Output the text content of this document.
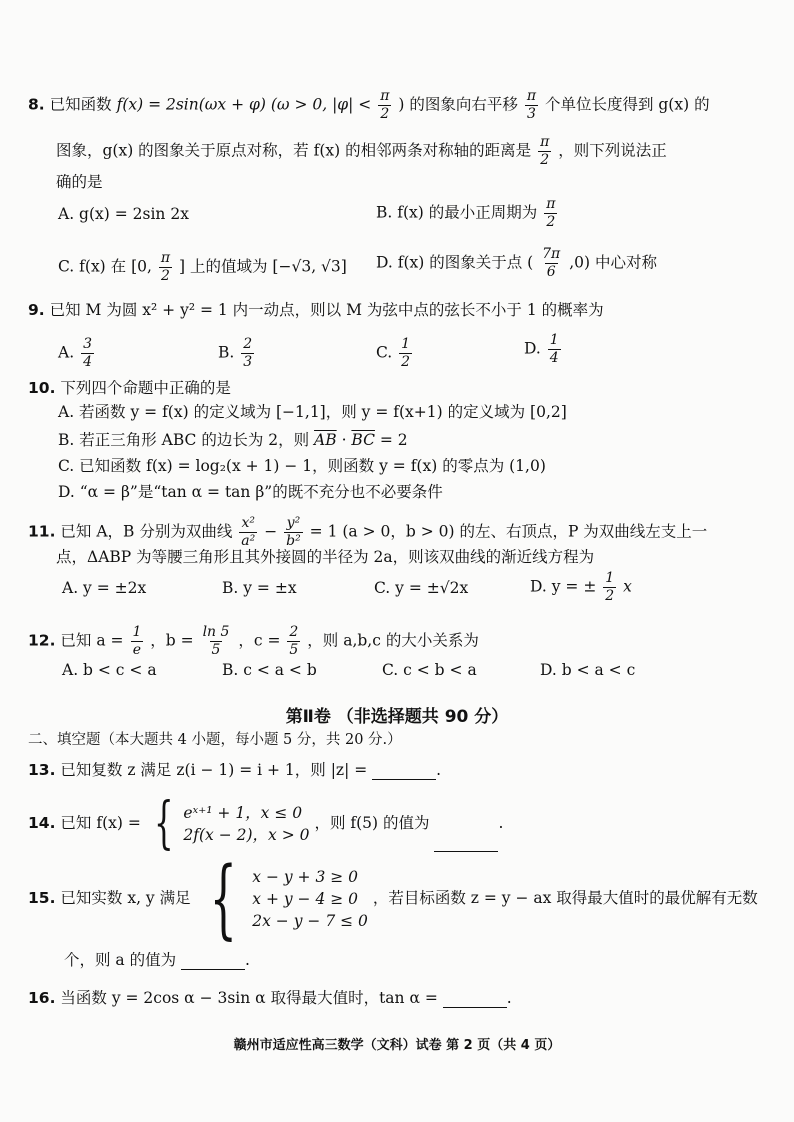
8. 已知函数 f(x) = 2sin(ωx + φ) (ω > 0, $|\varphi| < \frac{\pi}{2}$ ) 的图象向右平移 $\frac{\pi}{3}$ 个单位长度得到 g(x) 的
图象，g(x) 的图象关于原点对称，若 f(x) 的相邻两条对称轴的距离是 $\frac{\pi}{2}$ ，则下列说法正
确的是
A. g(x) = 2sin 2x	B. f(x) 的最小正周期为 $\frac{\pi}{2}$
C. f(x) 在 [0, $\frac{\pi}{2}$ ] 上的值域为 [−√3, √3] D. f(x) 的图象关于点 ( $\frac{7\pi}{6} ,0$) 中心对称
9. 已知 M 为圆 x² + y² = 1 内一动点，则以 M 为弦中点的弦长不小于 1 的概率为
A. $\frac{3}{4}$	B. $\frac{2}{3}$	C. $\frac{1}{2}$	D. $\frac{1}{4}$
10. 下列四个命题中正确的是
A. 若函数 y = f(x) 的定义域为 [−1,1]，则 y = f(x+1) 的定义域为 [0,2]
B. 若正三角形 ABC 的边长为 2，则 $\overline{AB} \cdot \overline{BC} = 2$
C. 已知函数 f(x) = log₂(x + 1) − 1，则函数 y = f(x) 的零点为 (1,0)
D. “α = β”是“tan α = tan β”的既不充分也不必要条件
11. 已知 A，B 分别为双曲线 $\frac{\text{x²}}{\text{a²}} - \frac{\text{y²}}{\text{b²}} = 1$ (a > 0，b > 0) 的左、右顶点，P 为双曲线左支上一
点，ΔABP 为等腰三角形且其外接圆的半径为 2a，则该双曲线的渐近线方程为
A. y = ±2x	B. y = ±x	C. y = ±√2x	D. y = ± $\frac{1}{2}$ x
12. 已知 $a = \frac{1}{e}$ ，$b = \frac{\ln 5}{5}$ ，$c = \frac{2}{5}$ ，则 a,b,c 的大小关系为
A. b < c < a	B. c < a < b	C. c < b < a	D. b < a < c
第Ⅱ卷 （非选择题共 90 分）
二、填空题（本大题共 4 小题，每小题 5 分，共 20 分.）
13. 已知复数 z 满足 z(i − 1) = i + 1，则 |z| =	.
14. 已知 f(x) = { eˣ⁺¹ + 1，x ≤ 0
2f(x − 2)，x > 0
，则 f(5) 的值为	.
15. 已知实数 x, y 满足 { x − y + 3 ≥ 0
x + y − 4 ≥ 0
2x − y − 7 ≤ 0
，若目标函数 z = y − ax 取得最大值时的最优解有无数
个，则 a 的值为	.
16. 当函数 y = 2cos α − 3sin α 取得最大值时，tan α =	.
赣州市适应性高三数学（文科）试卷 第 2 页（共 4 页）
